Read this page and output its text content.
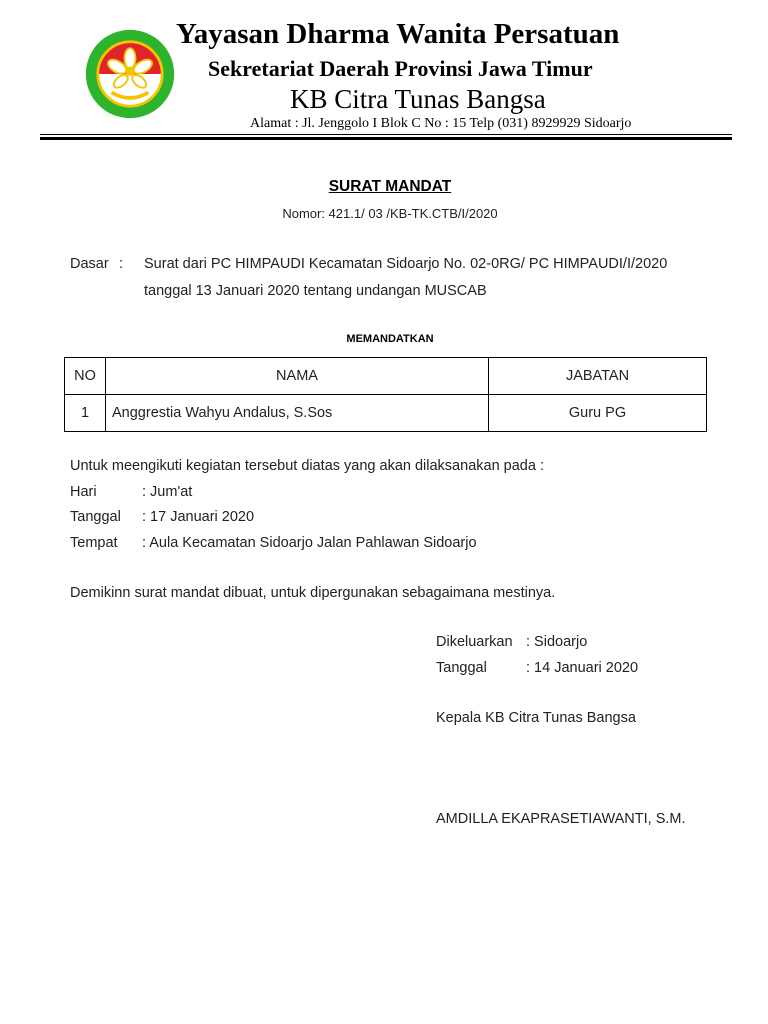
Yayasan Dharma Wanita Persatuan
Sekretariat Daerah Provinsi Jawa Timur
KB Citra Tunas Bangsa
Alamat : Jl. Jenggolo I Blok C No : 15 Telp (031) 8929929 Sidoarjo
SURAT MANDAT
Nomor: 421.1/ 03 /KB-TK.CTB/I/2020
Dasar : Surat dari PC HIMPAUDI Kecamatan Sidoarjo No. 02-0RG/ PC HIMPAUDI/I/2020
tanggal 13 Januari 2020 tentang undangan MUSCAB
MEMANDATKAN
NO	NAMA	JABATAN
1	Anggrestia Wahyu Andalus, S.Sos	Guru PG
Untuk meengikuti kegiatan tersebut diatas yang akan dilaksanakan pada :
Hari	: Jum'at
Tanggal : 17 Januari 2020
Tempat : Aula Kecamatan Sidoarjo Jalan Pahlawan Sidoarjo
Demikinn surat mandat dibuat, untuk dipergunakan sebagaimana mestinya.
Dikeluarkan : Sidoarjo
Tanggal	: 14 Januari 2020
Kepala KB Citra Tunas Bangsa
AMDILLA EKAPRASETIAWANTI, S.M.
